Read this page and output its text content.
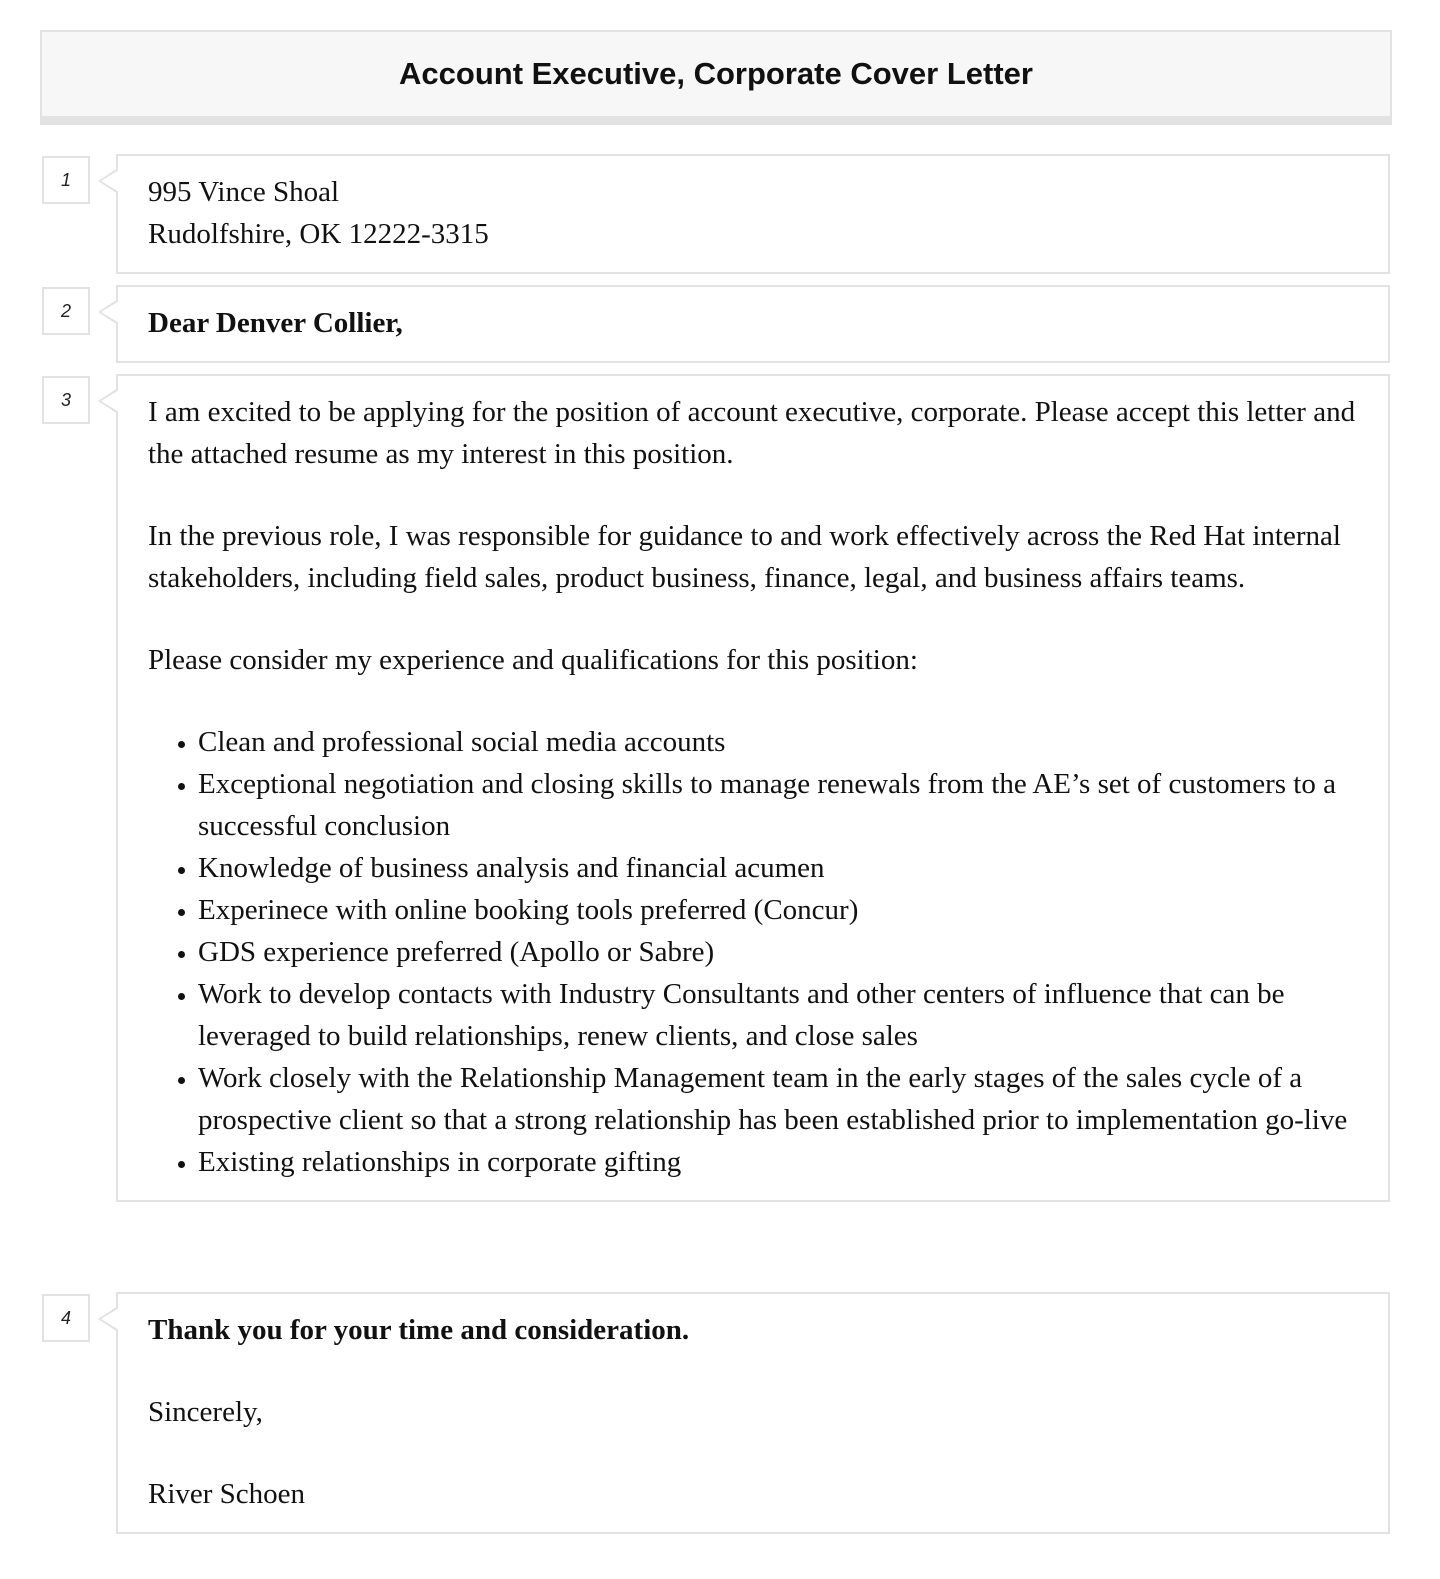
Account Executive, Corporate Cover Letter
1	995 Vince Shoal

Rudolfshire, OK 12222-3315

2	Dear Denver Collier,

3	I am excited to be applying for the position of account executive, corporate. Please accept this letter and the attached resume as my interest in this position.

In the previous role, I was responsible for guidance to and work effectively across the Red Hat internal stakeholders, including field sales, product business, finance, legal, and business affairs teams.

Please consider my experience and qualifications for this position:

• Clean and professional social media accounts
• Exceptional negotiation and closing skills to manage renewals from the AE’s set of customers to a successful conclusion
• Knowledge of business analysis and financial acumen
• Experinece with online booking tools preferred (Concur)
• GDS experience preferred (Apollo or Sabre)
• Work to develop contacts with Industry Consultants and other centers of influence that can be leveraged to build relationships, renew clients, and close sales
• Work closely with the Relationship Management team in the early stages of the sales cycle of a prospective client so that a strong relationship has been established prior to implementation go-live
• Existing relationships in corporate gifting
4	Thank you for your time and consideration.

Sincerely,

River Schoen
